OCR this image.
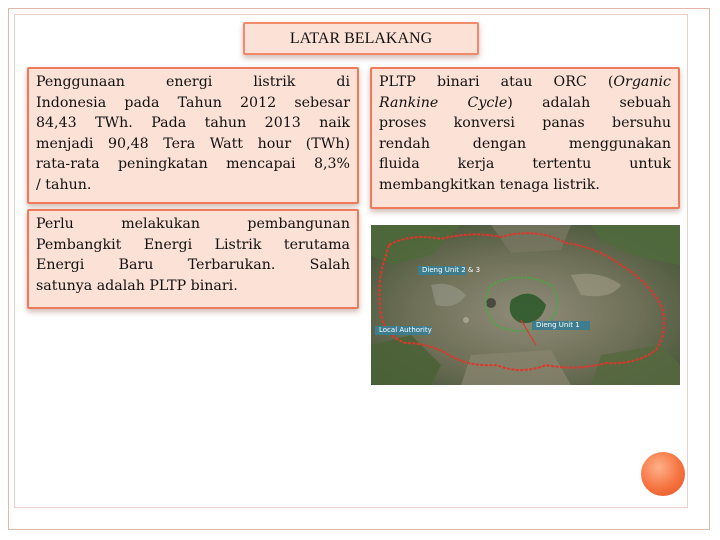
LATAR BELAKANG
Penggunaan energi listrik di
Indonesia pada Tahun 2012 sebesar
84,43 TWh. Pada tahun 2013 naik
menjadi 90,48 Tera Watt hour (TWh)
rata-rata peningkatan mencapai 8,3%
/ tahun.
Perlu melakukan pembangunan
Pembangkit Energi Listrik terutama
Energi Baru Terbarukan. Salah
satunya adalah PLTP binari.
PLTP binari atau ORC (Organic
Rankine Cycle) adalah sebuah
proses konversi panas bersuhu
rendah dengan menggunakan
fluida kerja tertentu untuk
membangkitkan tenaga listrik.
Dieng Unit 2 & 3
Local Authority
Dieng Unit 1
